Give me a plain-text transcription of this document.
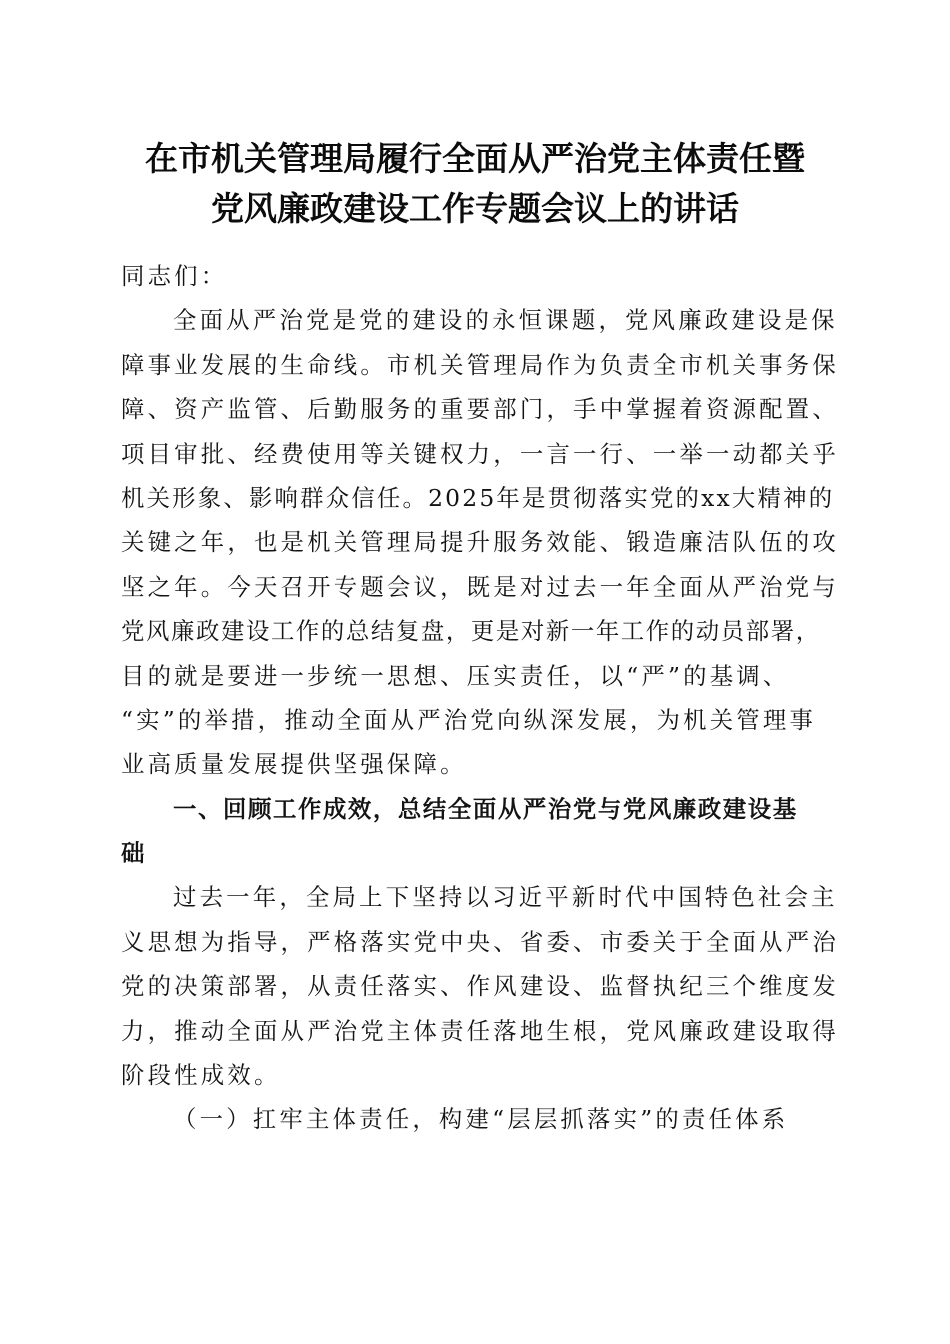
在市机关管理局履行全面从严治党主体责任暨
党风廉政建设工作专题会议上的讲话
同志们：
全面从严治党是党的建设的永恒课题，党风廉政建设是保
障事业发展的生命线。市机关管理局作为负责全市机关事务保
障、资产监管、后勤服务的重要部门，手中掌握着资源配置、
项目审批、经费使用等关键权力，一言一行、一举一动都关乎
机关形象、影响群众信任。2025年是贯彻落实党的xx大精神的
关键之年，也是机关管理局提升服务效能、锻造廉洁队伍的攻
坚之年。今天召开专题会议，既是对过去一年全面从严治党与
党风廉政建设工作的总结复盘，更是对新一年工作的动员部署，
目的就是要进一步统一思想、压实责任，以“严”的基调、
“实”的举措，推动全面从严治党向纵深发展，为机关管理事
业高质量发展提供坚强保障。
一、回顾工作成效，总结全面从严治党与党风廉政建设基
础
过去一年，全局上下坚持以习近平新时代中国特色社会主
义思想为指导，严格落实党中央、省委、市委关于全面从严治
党的决策部署，从责任落实、作风建设、监督执纪三个维度发
力，推动全面从严治党主体责任落地生根，党风廉政建设取得
阶段性成效。
（一）扛牢主体责任，构建“层层抓落实”的责任体系
